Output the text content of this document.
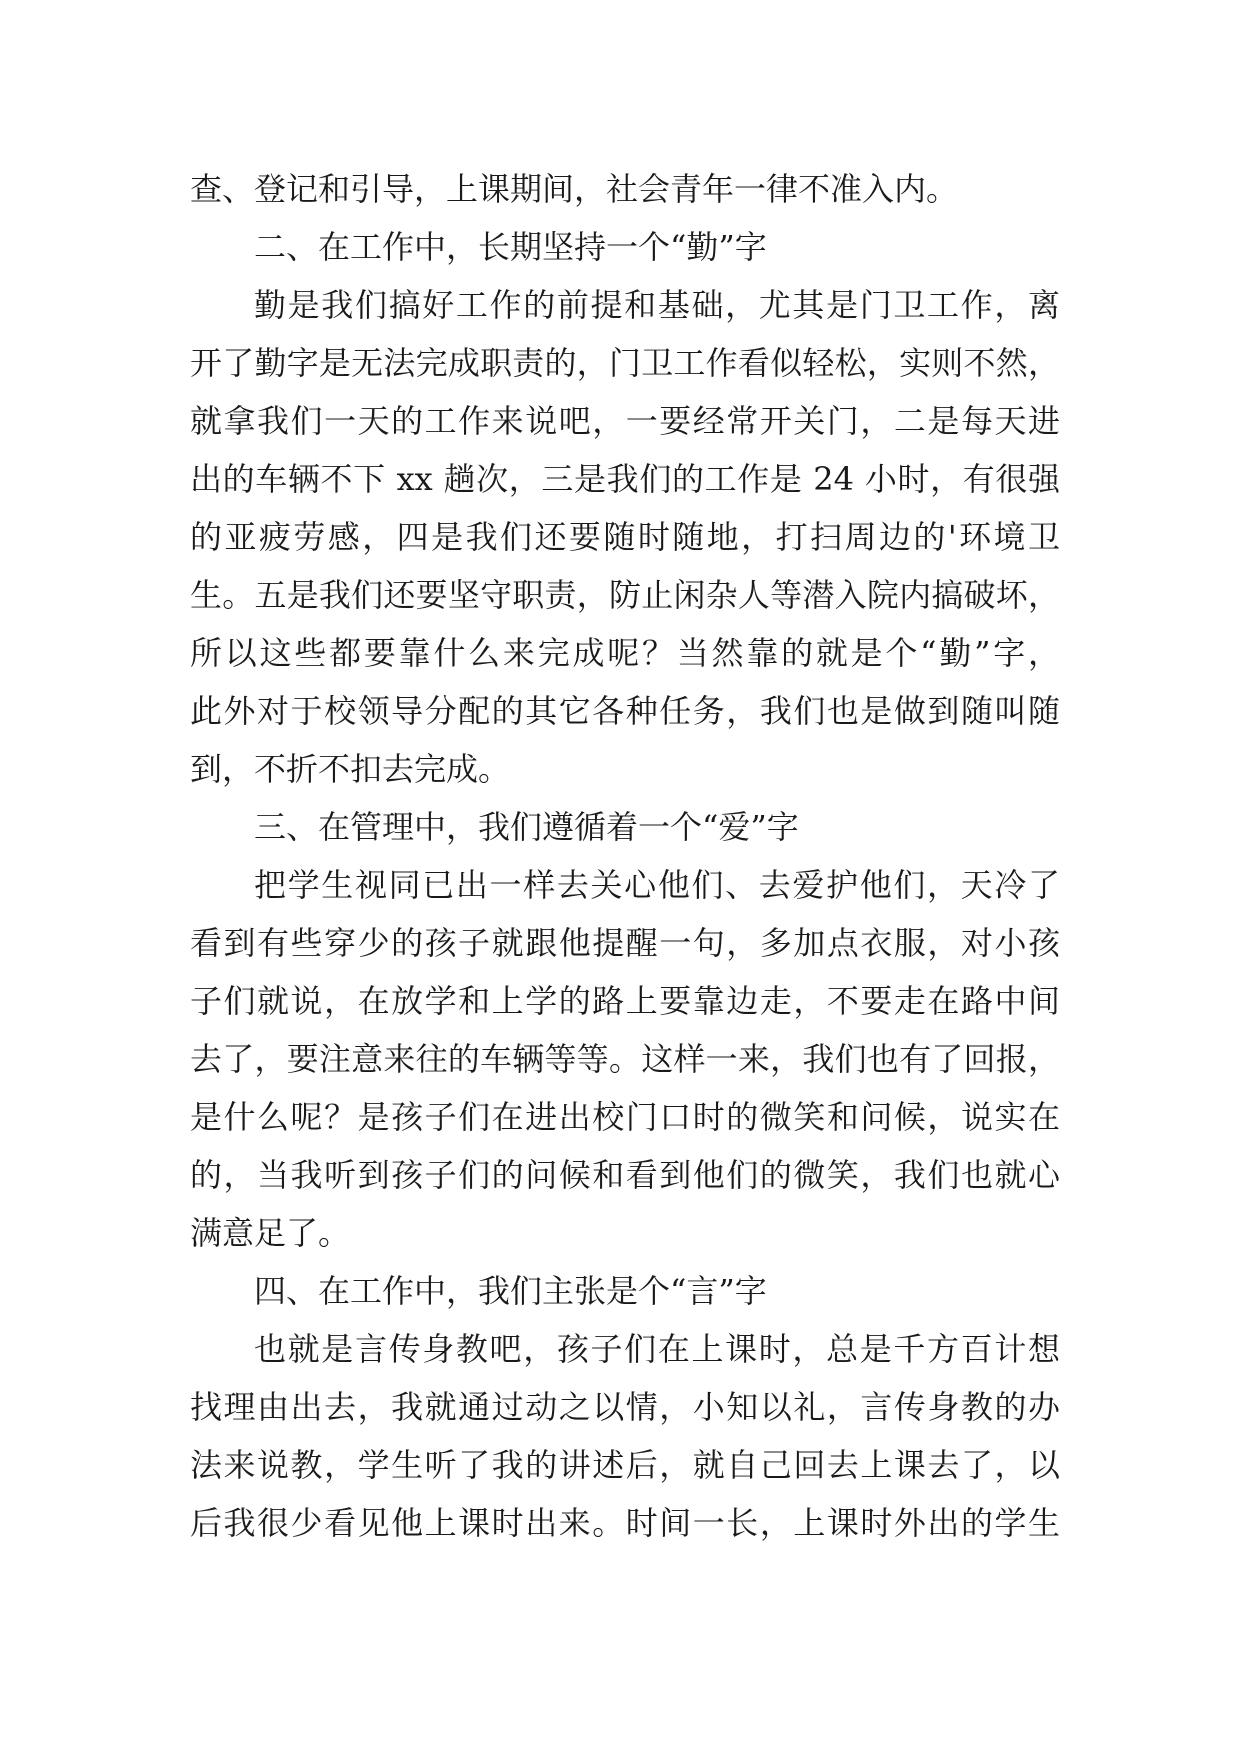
查、登记和引导，上课期间，社会青年一律不准入内。
二、在工作中，长期坚持一个“勤”字
勤是我们搞好工作的前提和基础，尤其是门卫工作，离
开了勤字是无法完成职责的，门卫工作看似轻松，实则不然，
就拿我们一天的工作来说吧，一要经常开关门，二是每天进
出的车辆不下 xx 趟次，三是我们的工作是 24 小时，有很强
的亚疲劳感，四是我们还要随时随地，打扫周边的'环境卫
生。五是我们还要坚守职责，防止闲杂人等潜入院内搞破坏，
所以这些都要靠什么来完成呢？当然靠的就是个“勤”字，
此外对于校领导分配的其它各种任务，我们也是做到随叫随
到，不折不扣去完成。
三、在管理中，我们遵循着一个“爱”字
把学生视同已出一样去关心他们、去爱护他们，天冷了
看到有些穿少的孩子就跟他提醒一句，多加点衣服，对小孩
子们就说，在放学和上学的路上要靠边走，不要走在路中间
去了，要注意来往的车辆等等。这样一来，我们也有了回报，
是什么呢？是孩子们在进出校门口时的微笑和问候，说实在
的，当我听到孩子们的问候和看到他们的微笑，我们也就心
满意足了。
四、在工作中，我们主张是个“言”字
也就是言传身教吧，孩子们在上课时，总是千方百计想
找理由出去，我就通过动之以情，小知以礼，言传身教的办
法来说教，学生听了我的讲述后，就自己回去上课去了，以
后我很少看见他上课时出来。时间一长，上课时外出的学生
